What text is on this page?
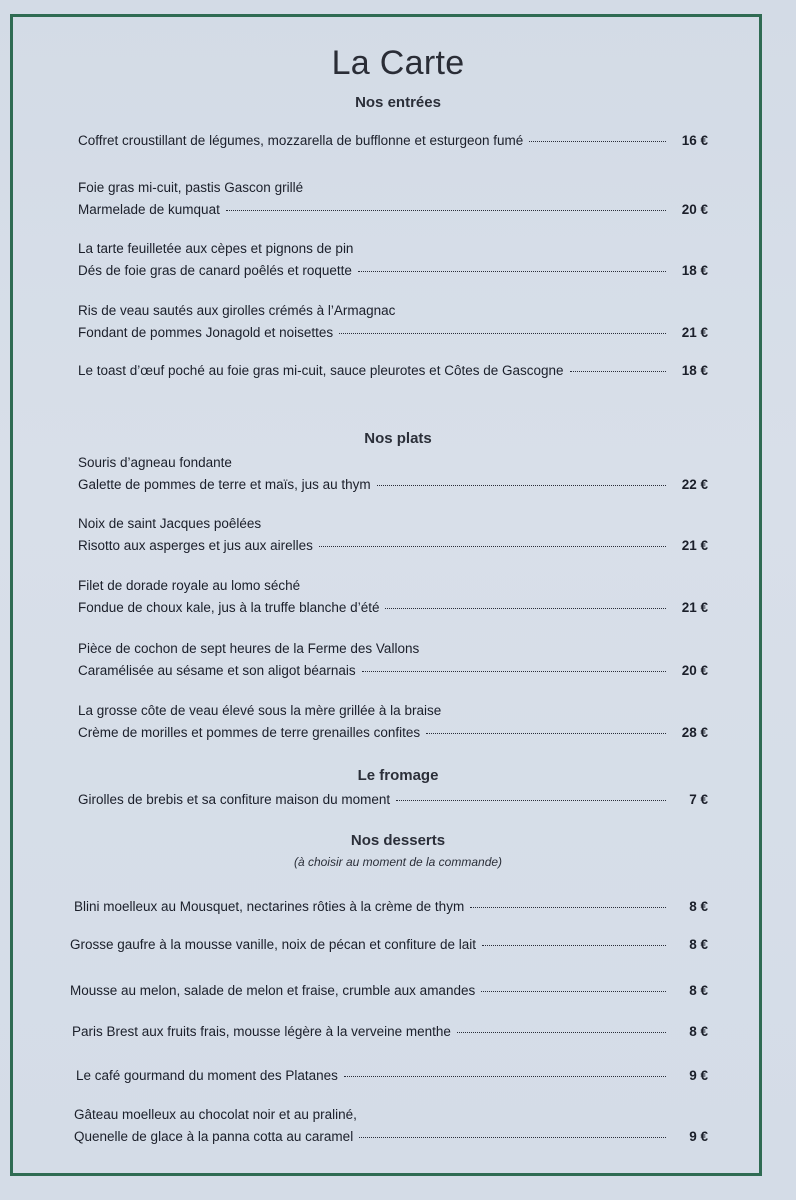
La Carte
Nos entrées
Coffret croustillant de légumes, mozzarella de bufflonne et esturgeon fumé	16 €
Foie gras mi-cuit, pastis Gascon grillé
Marmelade de kumquat	20 €
La tarte feuilletée aux cèpes et pignons de pin
Dés de foie gras de canard poêlés et roquette	18 €
Ris de veau sautés aux girolles crémés à l’Armagnac
Fondant de pommes Jonagold et noisettes	21 €
Le toast d’œuf poché au foie gras mi-cuit, sauce pleurotes et Côtes de Gascogne	18 €
Nos plats
Souris d’agneau fondante
Galette de pommes de terre et maïs, jus au thym	22 €
Noix de saint Jacques poêlées
Risotto aux asperges et jus aux airelles	21 €
Filet de dorade royale au lomo séché
Fondue de choux kale, jus à la truffe blanche d’été	21 €
Pièce de cochon de sept heures de la Ferme des Vallons
Caramélisée au sésame et son aligot béarnais	20 €
La grosse côte de veau élevé sous la mère grillée à la braise
Crème de morilles et pommes de terre grenailles confites	28 €
Le fromage
Girolles de brebis et sa confiture maison du moment	7 €
Nos desserts
(à choisir au moment de la commande)
Blini moelleux au Mousquet, nectarines rôties à la crème de thym	8 €
Grosse gaufre à la mousse vanille, noix de pécan et confiture de lait	8 €
Mousse au melon, salade de melon et fraise, crumble aux amandes	8 €
Paris Brest aux fruits frais, mousse légère à la verveine menthe	8 €
Le café gourmand du moment des Platanes	9 €
Gâteau moelleux au chocolat noir et au praliné,
Quenelle de glace à la panna cotta au caramel	9 €
